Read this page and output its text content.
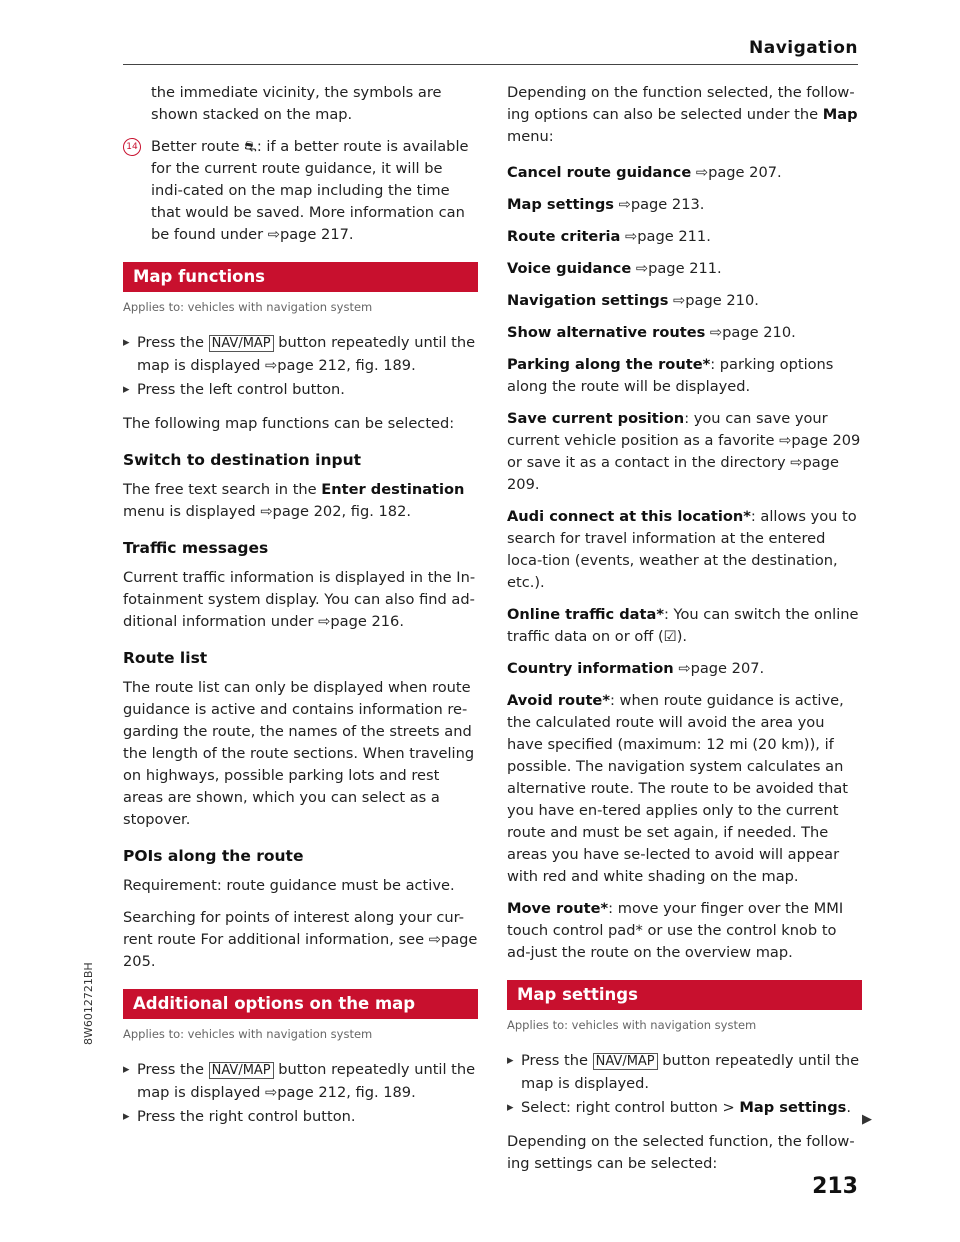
Navigation

the immediate vicinity, the symbols are shown stacked on the map.

14 Better route ⛐: if a better route is available for the current route guidance, it will be indi-cated on the map including the time that would be saved. More information can be found under ⇨page 217.
Map functions
Applies to: vehicles with navigation system
▸ Press the NAV/MAP button repeatedly until the map is displayed ⇨page 212, fig. 189.
▸ Press the left control button.

The following map functions can be selected:

Switch to destination input

The free text search in the Enter destination menu is displayed ⇨page 202, fig. 182.

Traffic messages

Current traffic information is displayed in the In-fotainment system display. You can also find ad-ditional information under ⇨page 216.

Route list

The route list can only be displayed when route guidance is active and contains information re-garding the route, the names of the streets and the length of the route sections. When traveling on highways, possible parking lots and rest areas are shown, which you can select as a stopover.

POIs along the route

Requirement: route guidance must be active.

Searching for points of interest along your cur-rent route For additional information, see ⇨page 205.

Additional options on the map
Applies to: vehicles with navigation system
▸ Press the NAV/MAP button repeatedly until the map is displayed ⇨page 212, fig. 189.
▸ Press the right control button.

Depending on the function selected, the follow-ing options can also be selected under the Map menu:

Cancel route guidance ⇨page 207.

Map settings ⇨page 213.

Route criteria ⇨page 211.

Voice guidance ⇨page 211.

Navigation settings ⇨page 210.

Show alternative routes ⇨page 210.

Parking along the route*: parking options along the route will be displayed.

Save current position: you can save your current vehicle position as a favorite ⇨page 209 or save it as a contact in the directory ⇨page 209.

Audi connect at this location*: allows you to search for travel information at the entered loca-tion (events, weather at the destination, etc.).

Online traffic data*: You can switch the online traffic data on or off (☑).

Country information ⇨page 207.

Avoid route*: when route guidance is active, the calculated route will avoid the area you have specified (maximum: 12 mi (20 km)), if possible. The navigation system calculates an alternative route. The route to be avoided that you have en-tered applies only to the current route and must be set again, if needed. The areas you have se-lected to avoid will appear with red and white shading on the map.

Move route*: move your finger over the MMI touch control pad* or use the control knob to ad-just the route on the overview map.

Map settings
Applies to: vehicles with navigation system
▸ Press the NAV/MAP button repeatedly until the map is displayed.
▸ Select: right control button > Map settings.

Depending on the selected function, the follow-ing settings can be selected:

▶
213
8W6012721BH
